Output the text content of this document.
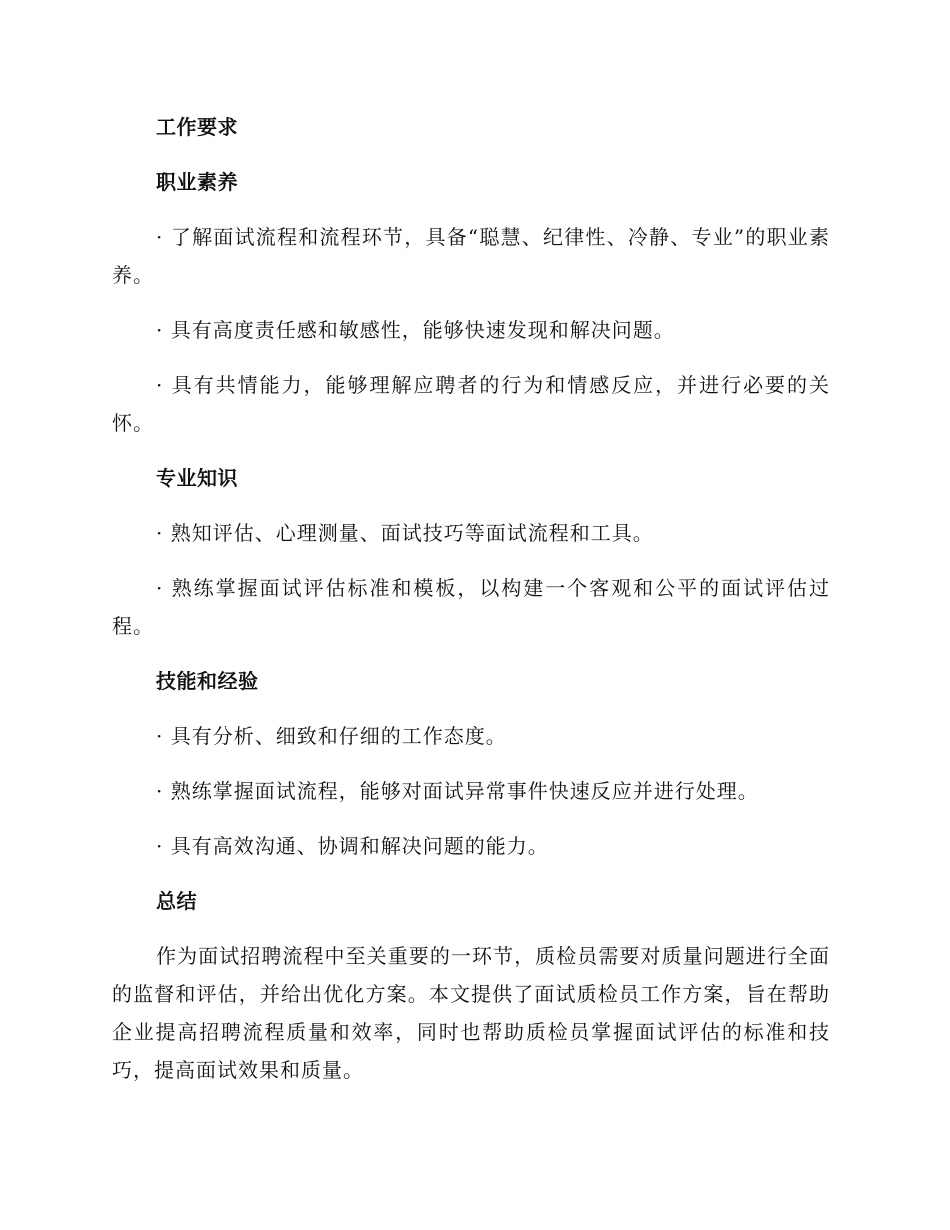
工作要求
职业素养

· 了解面试流程和流程环节，具备“聪慧、纪律性、冷静、专业”的职业素养。

· 具有高度责任感和敏感性，能够快速发现和解决问题。

· 具有共情能力，能够理解应聘者的行为和情感反应，并进行必要的关怀。

专业知识

· 熟知评估、心理测量、面试技巧等面试流程和工具。

· 熟练掌握面试评估标准和模板，以构建一个客观和公平的面试评估过程。

技能和经验

· 具有分析、细致和仔细的工作态度。

· 熟练掌握面试流程，能够对面试异常事件快速反应并进行处理。

· 具有高效沟通、协调和解决问题的能力。

总结

作为面试招聘流程中至关重要的一环节，质检员需要对质量问题进行全面的监督和评估，并给出优化方案。本文提供了面试质检员工作方案，旨在帮助企业提高招聘流程质量和效率，同时也帮助质检员掌握面试评估的标准和技巧，提高面试效果和质量。
